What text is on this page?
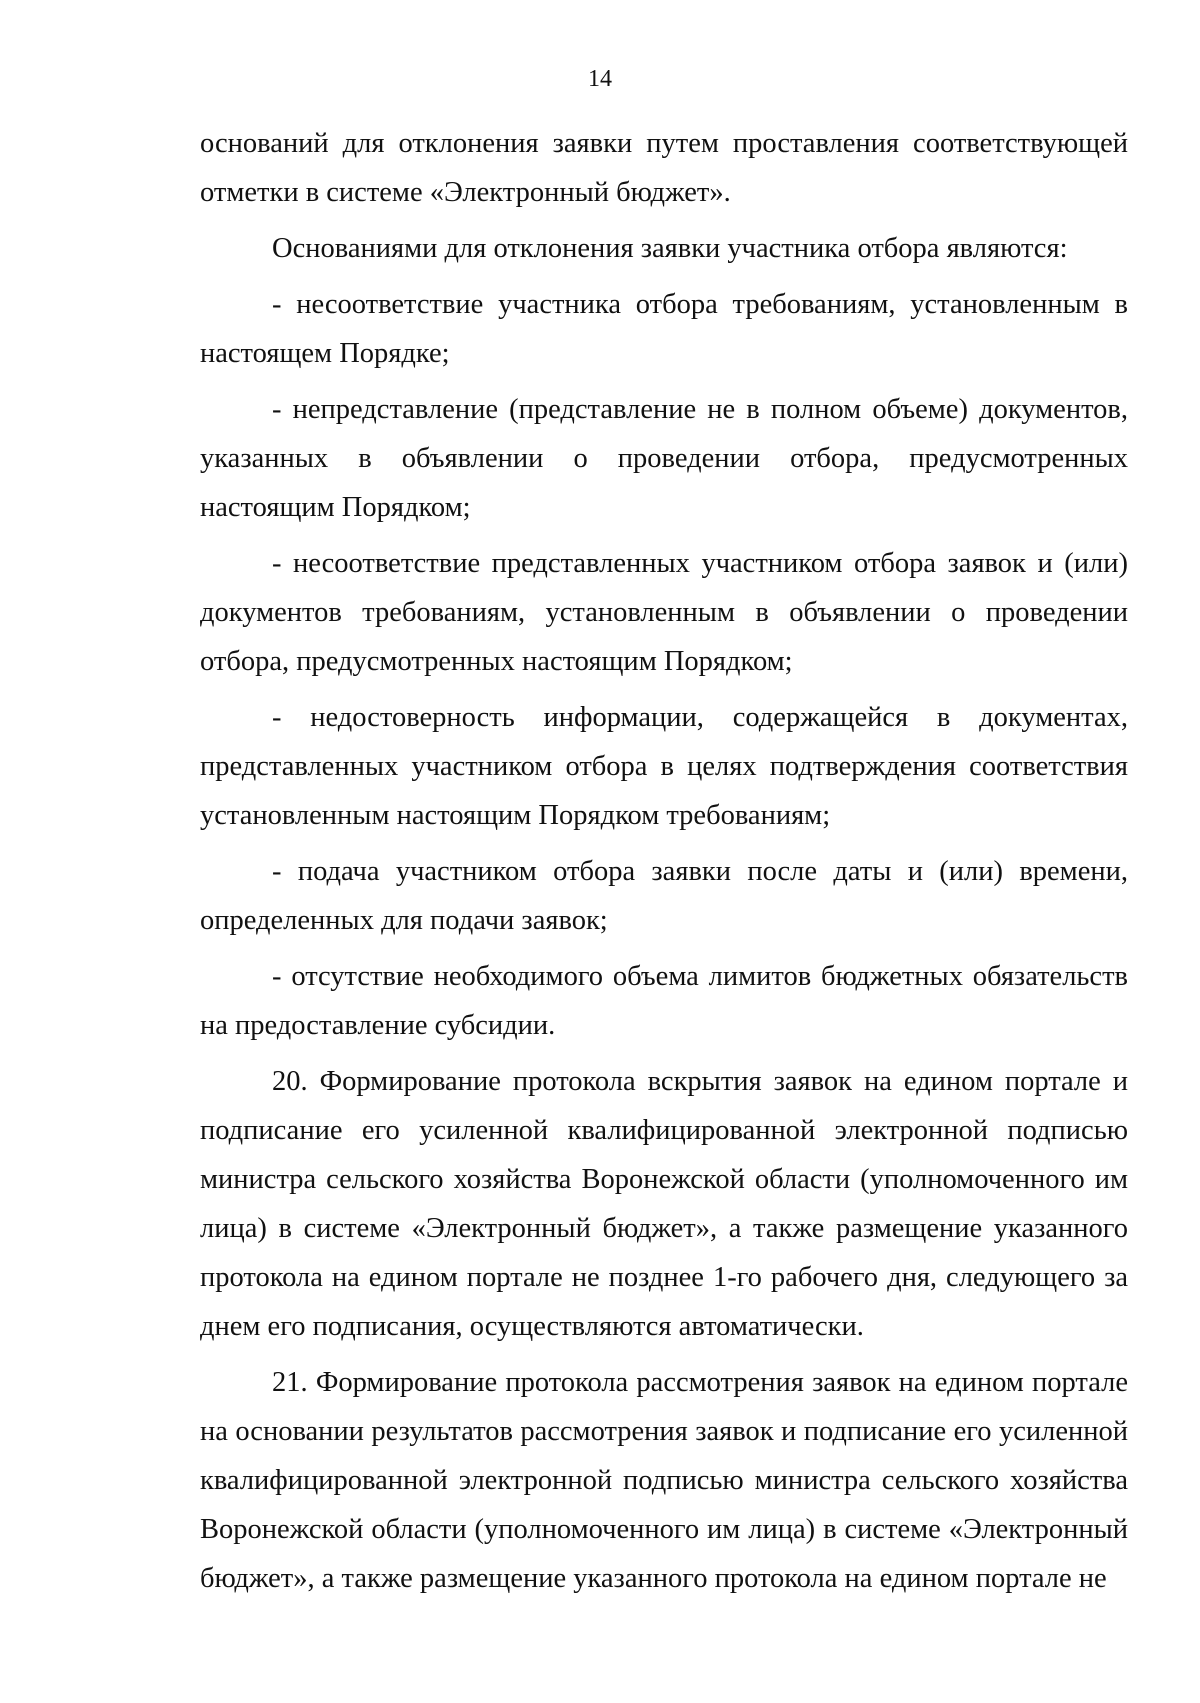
14

оснований для отклонения заявки путем проставления соответствующей отметки в системе «Электронный бюджет».

Основаниями для отклонения заявки участника отбора являются:

- несоответствие участника отбора требованиям, установленным в настоящем Порядке;

- непредставление (представление не в полном объеме) документов, указанных в объявлении о проведении отбора, предусмотренных настоящим Порядком;

- несоответствие представленных участником отбора заявок и (или) документов требованиям, установленным в объявлении о проведении отбора, предусмотренных настоящим Порядком;

- недостоверность информации, содержащейся в документах, представленных участником отбора в целях подтверждения соответствия установленным настоящим Порядком требованиям;

- подача участником отбора заявки после даты и (или) времени, определенных для подачи заявок;

- отсутствие необходимого объема лимитов бюджетных обязательств на предоставление субсидии.

20. Формирование протокола вскрытия заявок на едином портале и подписание его усиленной квалифицированной электронной подписью министра сельского хозяйства Воронежской области (уполномоченного им лица) в системе «Электронный бюджет», а также размещение указанного протокола на едином портале не позднее 1-го рабочего дня, следующего за днем его подписания, осуществляются автоматически.

21. Формирование протокола рассмотрения заявок на едином портале на основании результатов рассмотрения заявок и подписание его усиленной квалифицированной электронной подписью министра сельского хозяйства Воронежской области (уполномоченного им лица) в системе «Электронный бюджет», а также размещение указанного протокола на едином портале не
